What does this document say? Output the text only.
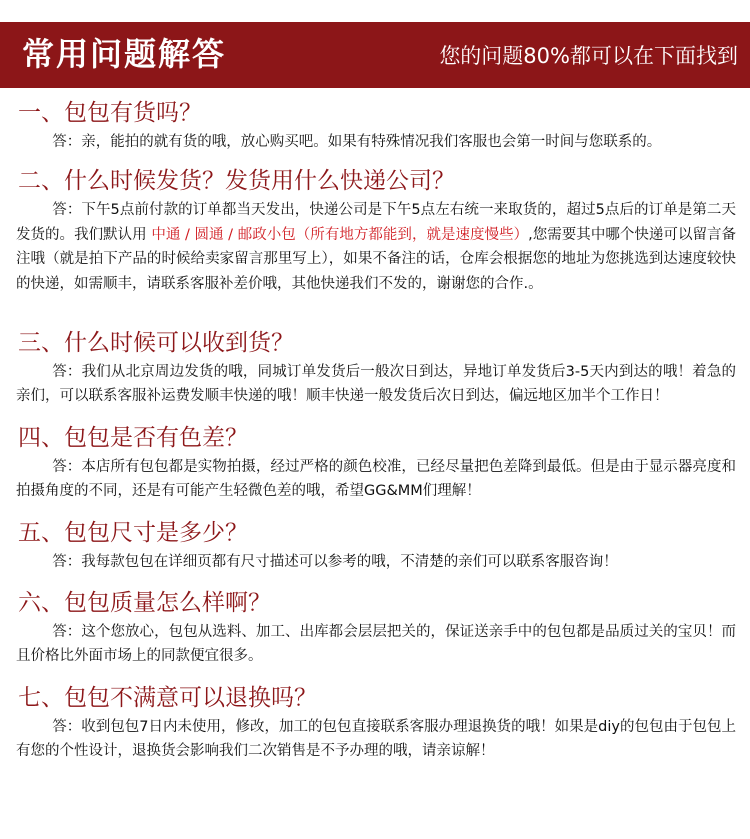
常用问题解答	您的问题80%都可以在下面找到

一、包包有货吗？

答：亲，能拍的就有货的哦，放心购买吧。如果有特殊情况我们客服也会第一时间与您联系的。

二、什么时候发货？发货用什么快递公司？

答：下午5点前付款的订单都当天发出，快递公司是下午5点左右统一来取货的，超过5点后的订单是第二天发货的。我们默认用 中通 / 圆通 / 邮政小包（所有地方都能到，就是速度慢些）,您需要其中哪个快递可以留言备注哦（就是拍下产品的时候给卖家留言那里写上），如果不备注的话，仓库会根据您的地址为您挑选到达速度较快的快递，如需顺丰，请联系客服补差价哦，其他快递我们不发的，谢谢您的合作.。

三、什么时候可以收到货？

答：我们从北京周边发货的哦，同城订单发货后一般次日到达，异地订单发货后3-5天内到达的哦！着急的亲们，可以联系客服补运费发顺丰快递的哦！顺丰快递一般发货后次日到达，偏远地区加半个工作日！

四、包包是否有色差？

答：本店所有包包都是实物拍摄，经过严格的颜色校准，已经尽量把色差降到最低。但是由于显示器亮度和拍摄角度的不同，还是有可能产生轻微色差的哦，希望GG&MM们理解！

五、包包尺寸是多少？

答：我每款包包在详细页都有尺寸描述可以参考的哦，不清楚的亲们可以联系客服咨询！

六、包包质量怎么样啊？

答：这个您放心，包包从选料、加工、出库都会层层把关的，保证送亲手中的包包都是品质过关的宝贝！而且价格比外面市场上的同款便宜很多。

七、包包不满意可以退换吗？

答：收到包包7日内未使用，修改，加工的包包直接联系客服办理退换货的哦！如果是diy的包包由于包包上有您的个性设计，退换货会影响我们二次销售是不予办理的哦，请亲谅解！
